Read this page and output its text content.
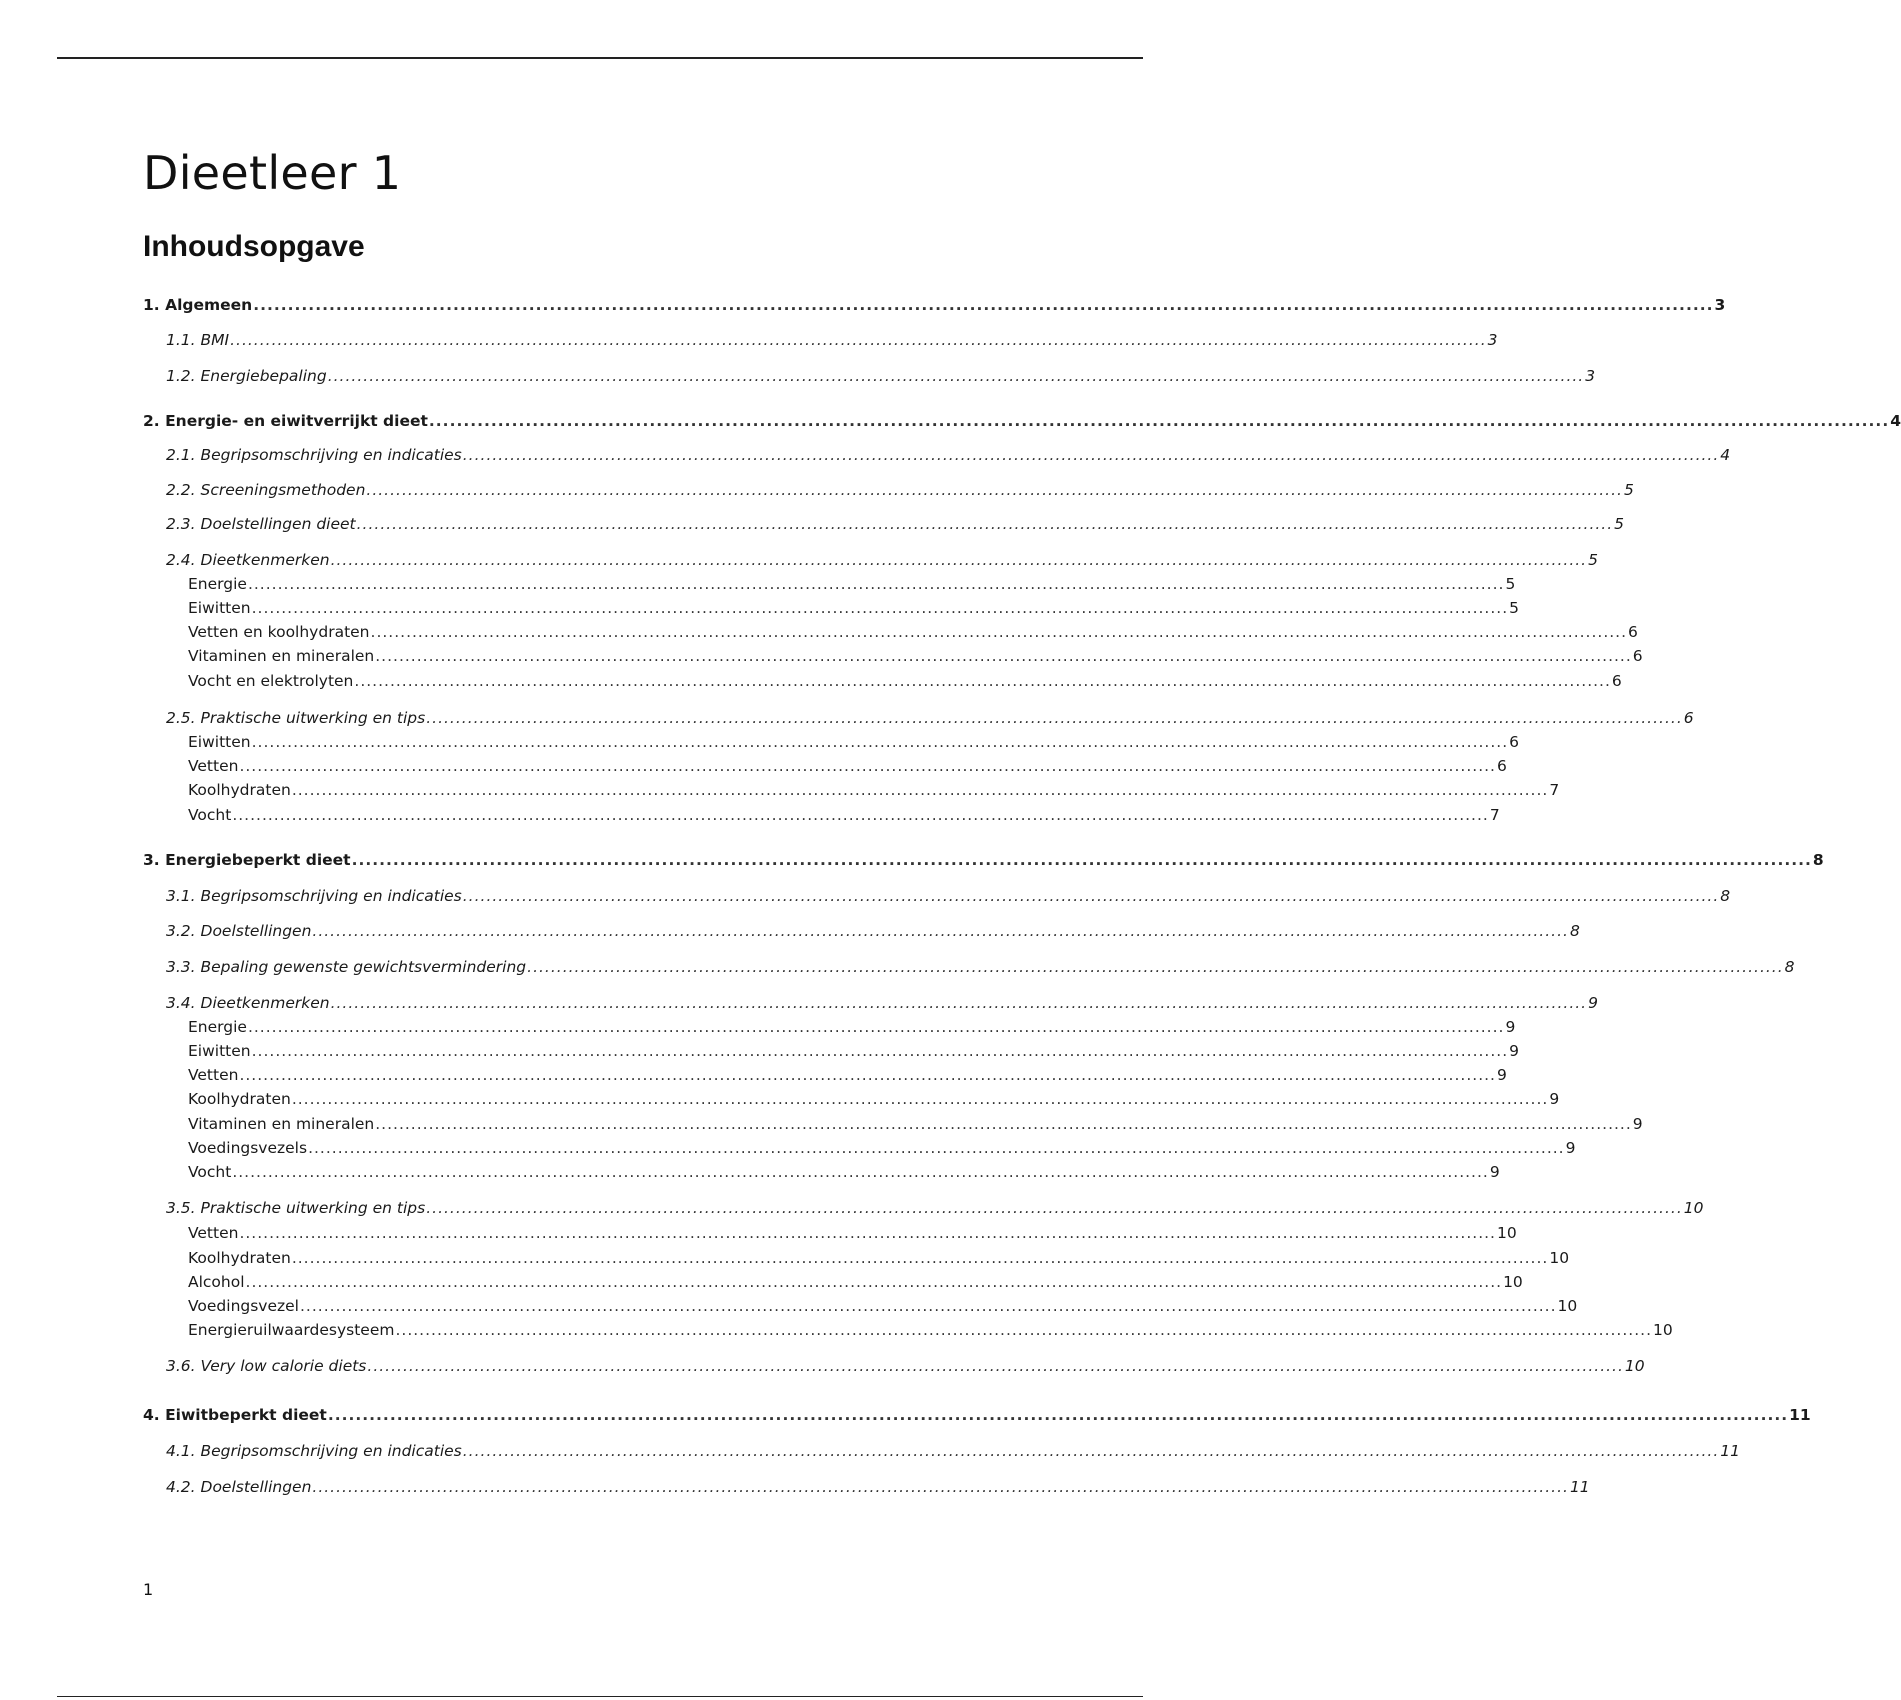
Dieetleer 1
Inhoudsopgave
1. Algemeen .................................................................................................................................................................................................................... 3
1.1. BMI .................................................................................................................................................................................................................... 3
1.2. Energiebepaling .................................................................................................................................................................................................................... 3
2. Energie- en eiwitverrijkt dieet .................................................................................................................................................................................................................... 4
2.1. Begripsomschrijving en indicaties .................................................................................................................................................................................................................... 4
2.2. Screeningsmethoden .................................................................................................................................................................................................................... 5
2.3. Doelstellingen dieet .................................................................................................................................................................................................................... 5
2.4. Dieetkenmerken .................................................................................................................................................................................................................... 5
Energie .................................................................................................................................................................................................................... 5
Eiwitten .................................................................................................................................................................................................................... 5
Vetten en koolhydraten .................................................................................................................................................................................................................... 6
Vitaminen en mineralen .................................................................................................................................................................................................................... 6
Vocht en elektrolyten .................................................................................................................................................................................................................... 6
2.5. Praktische uitwerking en tips .................................................................................................................................................................................................................... 6
Eiwitten .................................................................................................................................................................................................................... 6
Vetten .................................................................................................................................................................................................................... 6
Koolhydraten .................................................................................................................................................................................................................... 7
Vocht .................................................................................................................................................................................................................... 7
3. Energiebeperkt dieet .................................................................................................................................................................................................................... 8
3.1. Begripsomschrijving en indicaties .................................................................................................................................................................................................................... 8
3.2. Doelstellingen .................................................................................................................................................................................................................... 8
3.3. Bepaling gewenste gewichtsvermindering .................................................................................................................................................................................................................... 8
3.4. Dieetkenmerken .................................................................................................................................................................................................................... 9
Energie .................................................................................................................................................................................................................... 9
Eiwitten .................................................................................................................................................................................................................... 9
Vetten .................................................................................................................................................................................................................... 9
Koolhydraten .................................................................................................................................................................................................................... 9
Vitaminen en mineralen .................................................................................................................................................................................................................... 9
Voedingsvezels .................................................................................................................................................................................................................... 9
Vocht .................................................................................................................................................................................................................... 9
3.5. Praktische uitwerking en tips .................................................................................................................................................................................................................... 10
Vetten .................................................................................................................................................................................................................... 10
Koolhydraten .................................................................................................................................................................................................................... 10
Alcohol .................................................................................................................................................................................................................... 10
Voedingsvezel .................................................................................................................................................................................................................... 10
Energieruilwaardesysteem .................................................................................................................................................................................................................... 10
3.6. Very low calorie diets .................................................................................................................................................................................................................... 10
4. Eiwitbeperkt dieet .................................................................................................................................................................................................................... 11
4.1. Begripsomschrijving en indicaties .................................................................................................................................................................................................................... 11
4.2. Doelstellingen .................................................................................................................................................................................................................... 11
1
